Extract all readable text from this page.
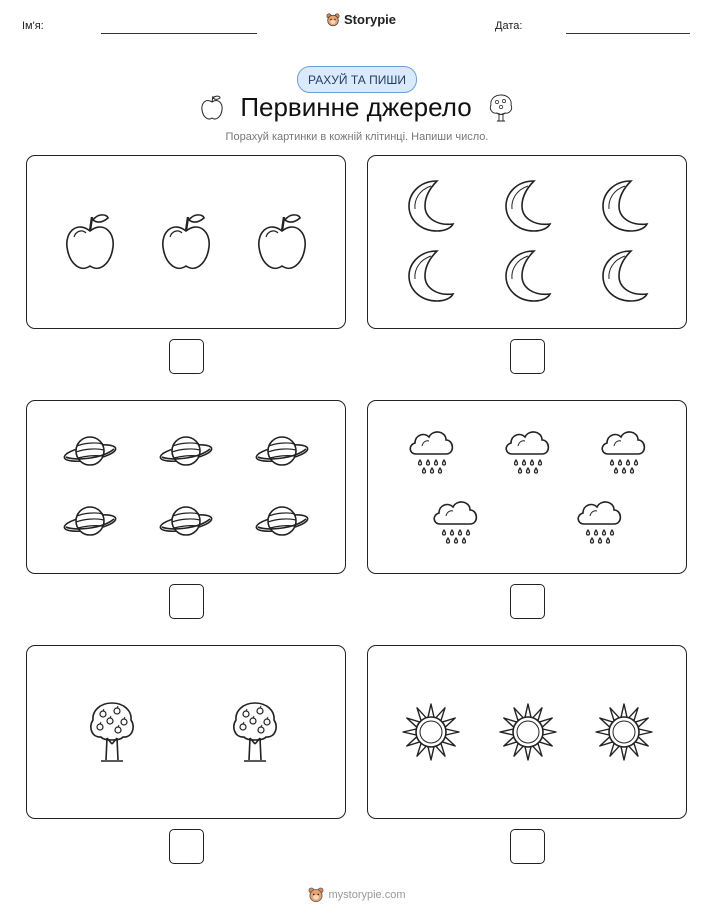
Ім'я:	Storypie	Дата:
РАХУЙ ТА ПИШИ
Первинне джерело
Порахуй картинки в кожній клітинці. Напиши число.
mystorypie.com
